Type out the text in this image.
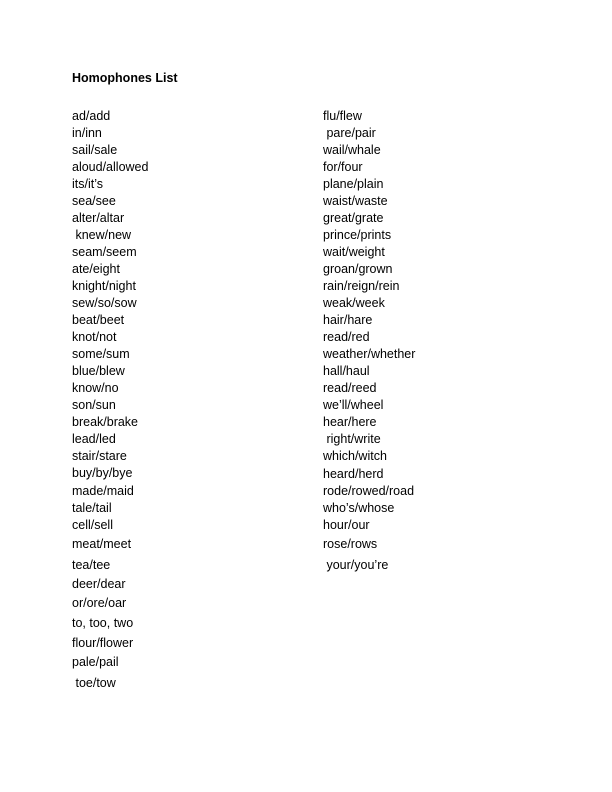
Homophones List
ad/add
in/inn
sail/sale
aloud/allowed
its/it’s
sea/see
alter/altar
knew/new
seam/seem
ate/eight
knight/night
sew/so/sow
beat/beet
knot/not
some/sum
blue/blew
know/no
son/sun
break/brake
lead/led
stair/stare
buy/by/bye
made/maid
tale/tail
cell/sell
meat/meet
tea/tee
deer/dear
or/ore/oar
to, too, two
flour/flower
pale/pail
toe/tow
flu/flew
pare/pair
wail/whale
for/four
plane/plain
waist/waste
great/grate
prince/prints
wait/weight
groan/grown
rain/reign/rein
weak/week
hair/hare
read/red
weather/whether
hall/haul
read/reed
we’ll/wheel
hear/here
right/write
which/witch
heard/herd
rode/rowed/road
who’s/whose
hour/our
rose/rows
your/you’re
